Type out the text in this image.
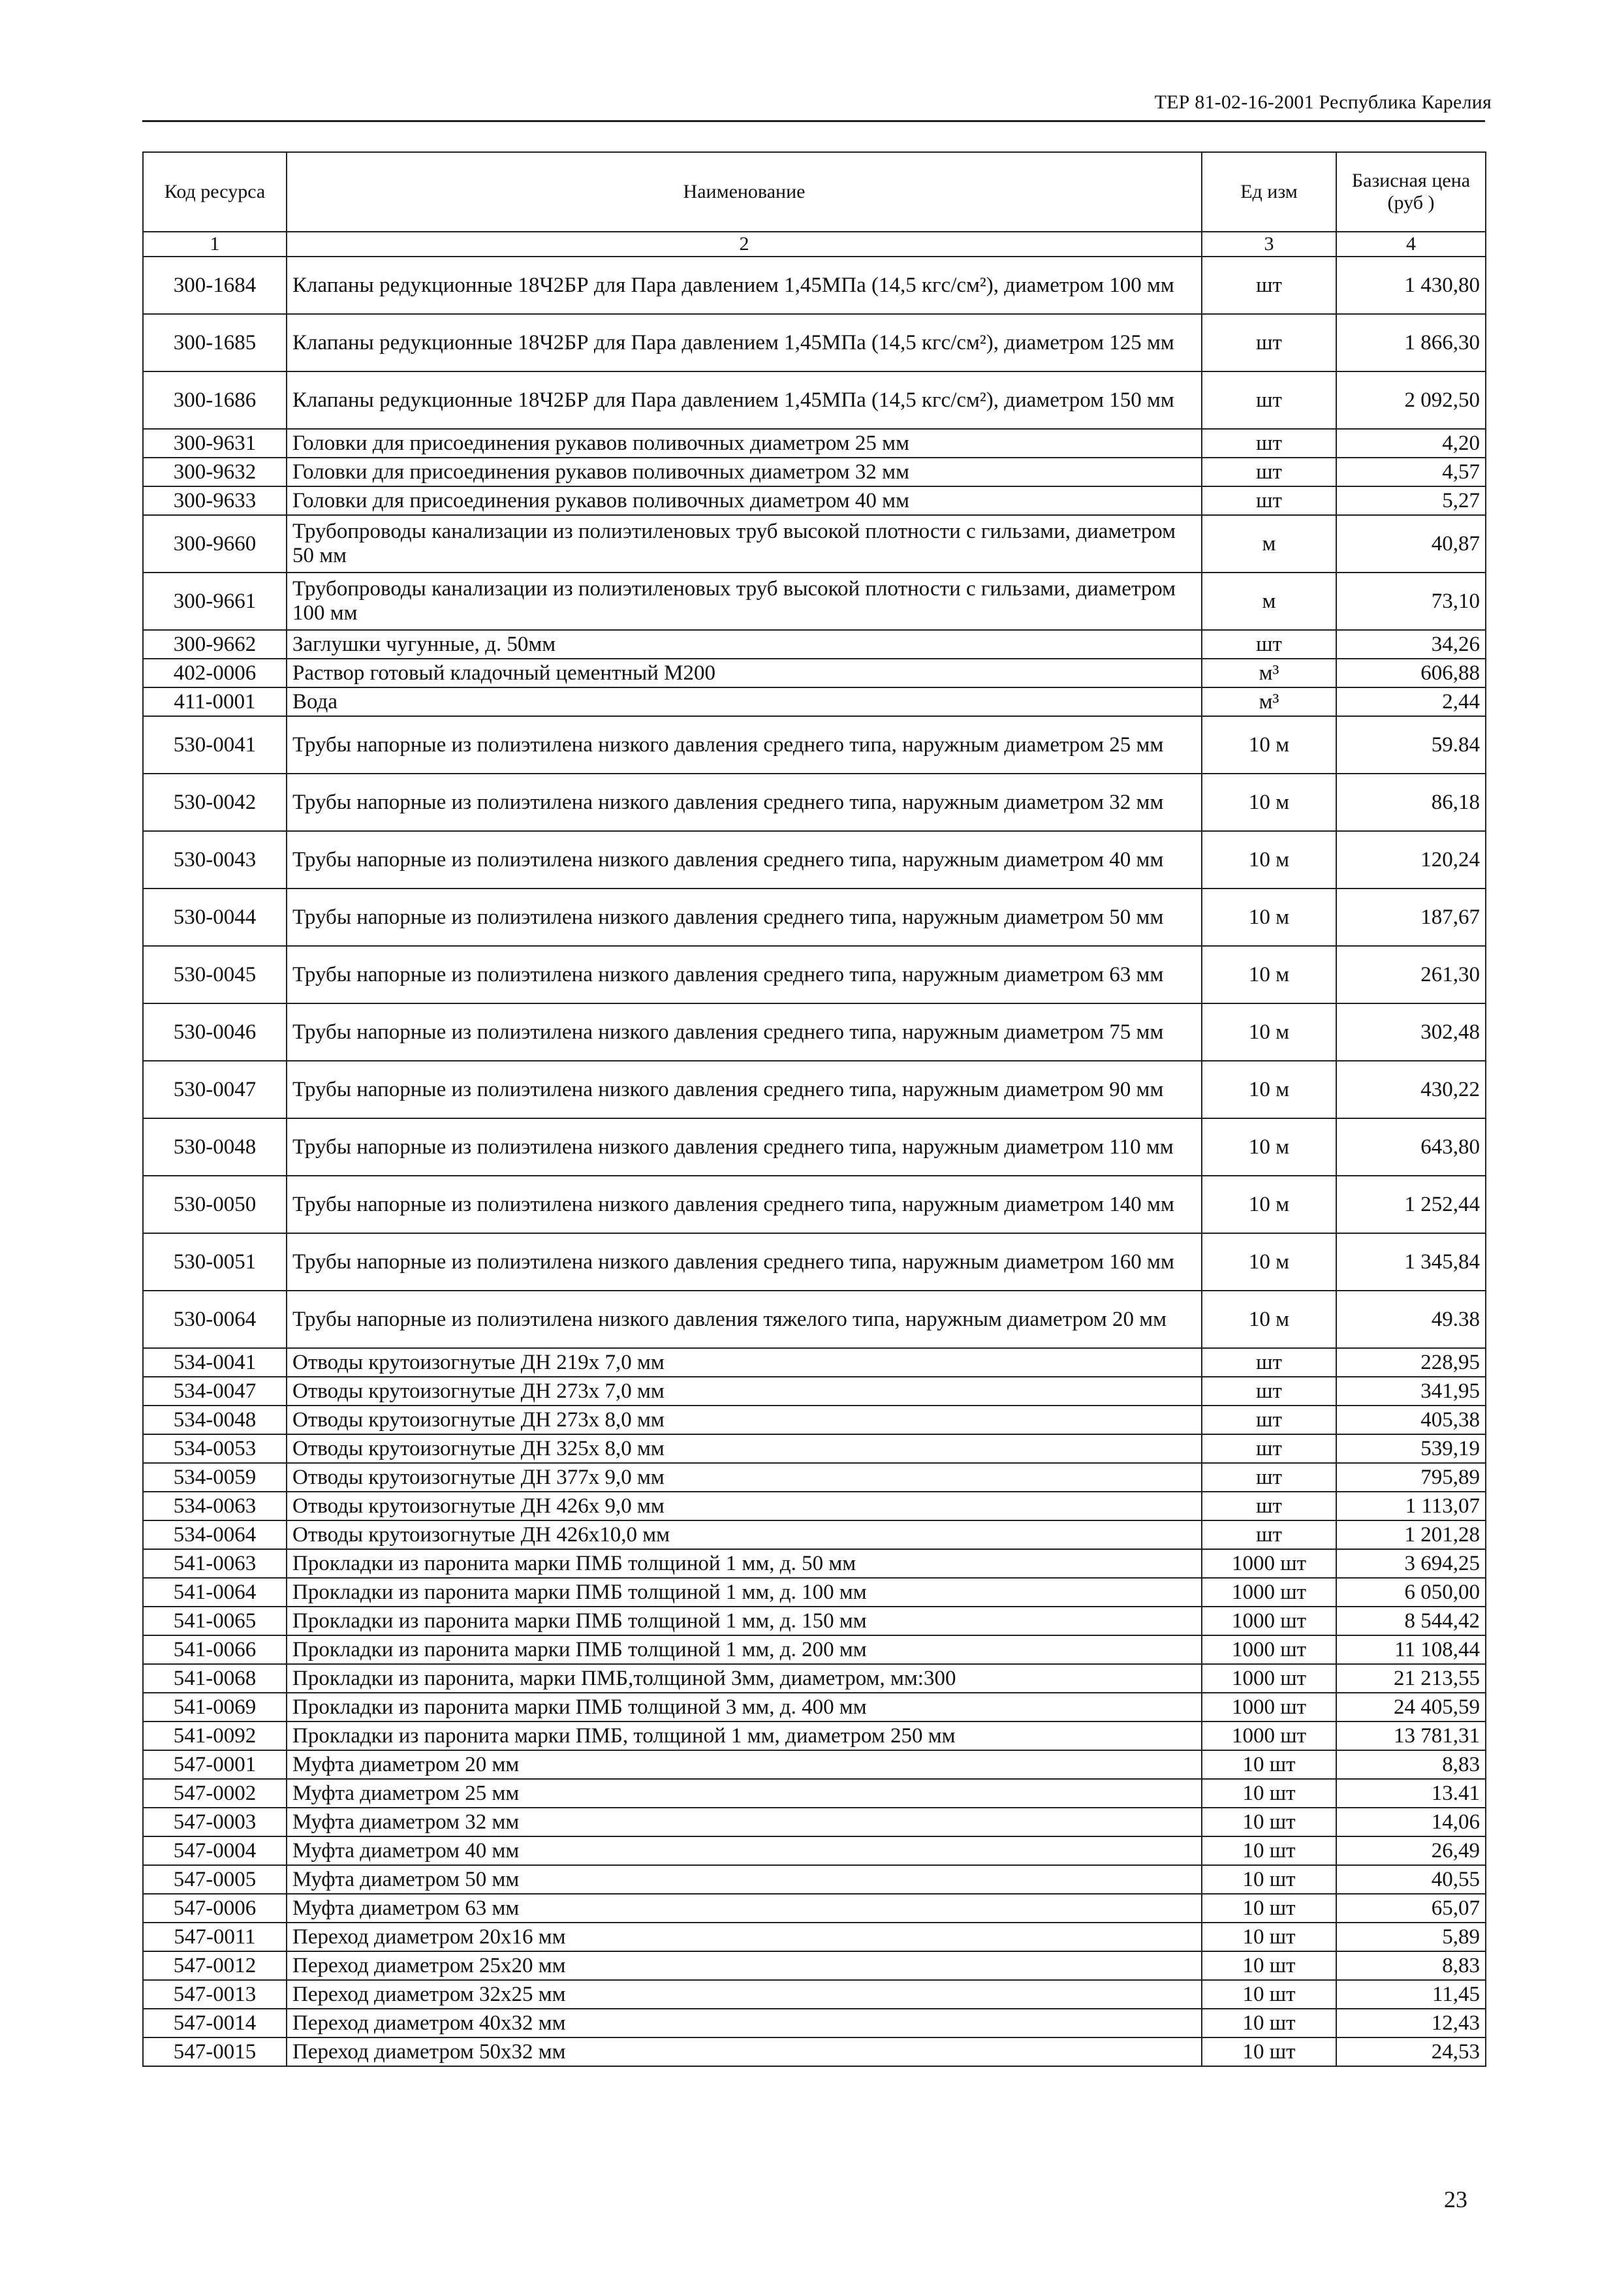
ТЕР 81-02-16-2001 Республика Карелия
Код ресурса	Наименование	Ед изм	Базисная цена (руб )
1	2	3	4
300-1684	Клапаны редукционные 18Ч2БР для Пара давлением 1,45МПа (14,5 кгс/см²), диаметром 100 мм	шт	1 430,80
300-1685	Клапаны редукционные 18Ч2БР для Пара давлением 1,45МПа (14,5 кгс/см²), диаметром 125 мм	шт	1 866,30
300-1686	Клапаны редукционные 18Ч2БР для Пара давлением 1,45МПа (14,5 кгс/см²), диаметром 150 мм	шт	2 092,50
300-9631	Головки для присоединения рукавов поливочных диаметром 25 мм	шт	4,20
300-9632	Головки для присоединения рукавов поливочных диаметром 32 мм	шт	4,57
300-9633	Головки для присоединения рукавов поливочных диаметром 40 мм	шт	5,27
300-9660	Трубопроводы канализации из полиэтиленовых труб высокой плотности с гильзами, диаметром 50 мм	м	40,87
300-9661	Трубопроводы канализации из полиэтиленовых труб высокой плотности с гильзами, диаметром 100 мм	м	73,10
300-9662	Заглушки чугунные, д. 50мм	шт	34,26
402-0006	Раствор готовый кладочный цементный М200	м³	606,88
411-0001	Вода	м³	2,44
530-0041	Трубы напорные из полиэтилена низкого давления среднего типа, наружным диаметром 25 мм	10 м	59.84
530-0042	Трубы напорные из полиэтилена низкого давления среднего типа, наружным диаметром 32 мм	10 м	86,18
530-0043	Трубы напорные из полиэтилена низкого давления среднего типа, наружным диаметром 40 мм	10 м	120,24
530-0044	Трубы напорные из полиэтилена низкого давления среднего типа, наружным диаметром 50 мм	10 м	187,67
530-0045	Трубы напорные из полиэтилена низкого давления среднего типа, наружным диаметром 63 мм	10 м	261,30
530-0046	Трубы напорные из полиэтилена низкого давления среднего типа, наружным диаметром 75 мм	10 м	302,48
530-0047	Трубы напорные из полиэтилена низкого давления среднего типа, наружным диаметром 90 мм	10 м	430,22
530-0048	Трубы напорные из полиэтилена низкого давления среднего типа, наружным диаметром 110 мм	10 м	643,80
530-0050	Трубы напорные из полиэтилена низкого давления среднего типа, наружным диаметром 140 мм	10 м	1 252,44
530-0051	Трубы напорные из полиэтилена низкого давления среднего типа, наружным диаметром 160 мм	10 м	1 345,84
530-0064	Трубы напорные из полиэтилена низкого давления тяжелого типа, наружным диаметром 20 мм	10 м	49.38
534-0041	Отводы крутоизогнутые ДН 219х 7,0 мм	шт	228,95
534-0047	Отводы крутоизогнутые ДН 273х 7,0 мм	шт	341,95
534-0048	Отводы крутоизогнутые ДН 273х 8,0 мм	шт	405,38
534-0053	Отводы крутоизогнутые ДН 325х 8,0 мм	шт	539,19
534-0059	Отводы крутоизогнутые ДН 377х 9,0 мм	шт	795,89
534-0063	Отводы крутоизогнутые ДН 426х 9,0 мм	шт	1 113,07
534-0064	Отводы крутоизогнутые ДН 426х10,0 мм	шт	1 201,28
541-0063	Прокладки из паронита марки ПМБ толщиной 1 мм, д. 50 мм	1000 шт	3 694,25
541-0064	Прокладки из паронита марки ПМБ толщиной 1 мм, д. 100 мм	1000 шт	6 050,00
541-0065	Прокладки из паронита марки ПМБ толщиной 1 мм, д. 150 мм	1000 шт	8 544,42
541-0066	Прокладки из паронита марки ПМБ толщиной 1 мм, д. 200 мм	1000 шт	11 108,44
541-0068	Прокладки из паронита, марки ПМБ,толщиной 3мм, диаметром, мм:300	1000 шт	21 213,55
541-0069	Прокладки из паронита марки ПМБ толщиной 3 мм, д. 400 мм	1000 шт	24 405,59
541-0092	Прокладки из паронита марки ПМБ, толщиной 1 мм, диаметром 250 мм	1000 шт	13 781,31
547-0001	Муфта диаметром 20 мм	10 шт	8,83
547-0002	Муфта диаметром 25 мм	10 шт	13.41
547-0003	Муфта диаметром 32 мм	10 шт	14,06
547-0004	Муфта диаметром 40 мм	10 шт	26,49
547-0005	Муфта диаметром 50 мм	10 шт	40,55
547-0006	Муфта диаметром 63 мм	10 шт	65,07
547-0011	Переход диаметром 20х16 мм	10 шт	5,89
547-0012	Переход диаметром 25х20 мм	10 шт	8,83
547-0013	Переход диаметром 32х25 мм	10 шт	11,45
547-0014	Переход диаметром 40х32 мм	10 шт	12,43
547-0015	Переход диаметром 50х32 мм	10 шт	24,53
23
